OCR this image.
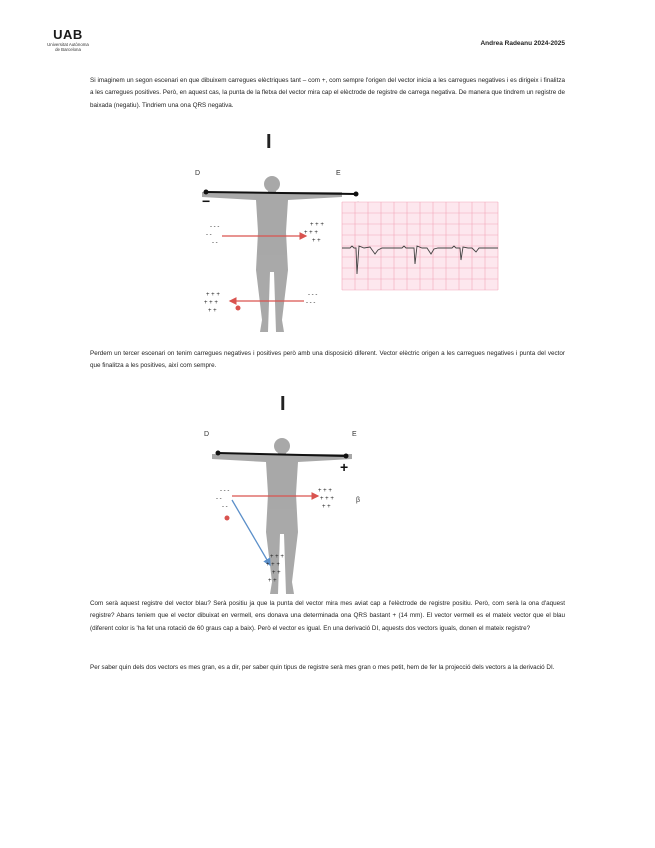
UAB
Universitat Autònoma
de Barcelona
Andrea Radeanu 2024-2025
Si imaginem un segon escenari en que dibuixem carregues elèctriques tant – com +, com sempre l'origen del vector inicia a les carregues negatives i es dirigeix i finalitza a les carregues positives. Però, en aquest cas, la punta de la fletxa del vector mira cap el elèctrode de registre de carrega negativa. De manera que tindrem un registre de baixada (negatiu). Tindriem una ona QRS negativa.
I
D	E
−
- - -
- -
- -
+ + +
+ + +
+ +
+ + +
+ + +
+ +
- - -
- - -
Perdem un tercer escenari on tenim carregues negatives i positives però amb una disposició diferent. Vector elèctric origen a les carregues negatives i punta del vector que finalitza a les positives, així com sempre.
I
D	E
+
- - -
- -
- -
+ + +
+ + +
+ +
β
+ + +
+ + +
+ +
+ +
Com serà aquest registre del vector blau? Serà positiu ja que la punta del vector mira mes aviat cap a l'elèctrode de registre positiu. Però, com serà la ona d'aquest registre? Abans teniem que el vector dibuixat en vermell, ens donava una determinada ona QRS bastant + (14 mm). El vector vermell es el mateix vector que el blau (diferent color is 'ha fet una rotació de 60 graus cap a baix). Però el vector es igual. En una derivació DI, aquests dos vectors iguals, donen el mateix registre?
Per saber quin dels dos vectors es mes gran, es a dir, per saber quin tipus de registre serà mes gran o mes petit, hem de fer la projecció dels vectors a la derivació DI.
